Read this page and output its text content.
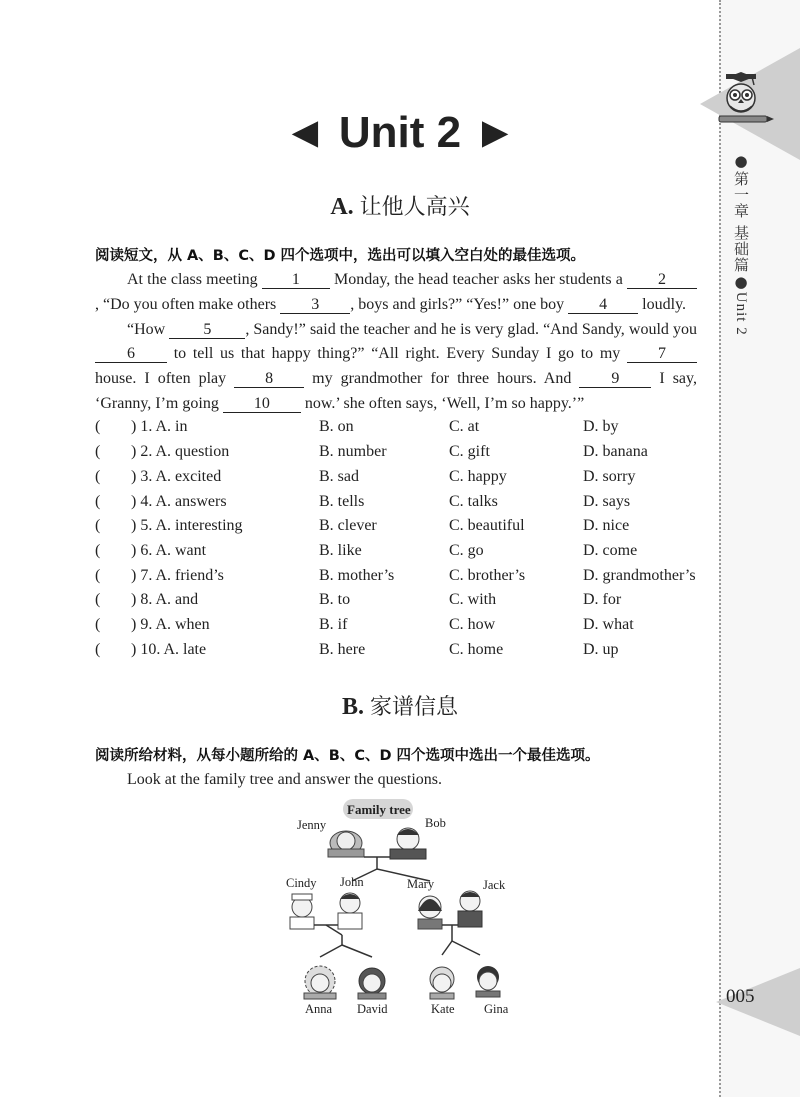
●第一章 基础篇●Unit 2
005
◄ Unit 2 ►
A. 让他人高兴
阅读短文，从 A、B、C、D 四个选项中，选出可以填入空白处的最佳选项。

At the class meeting 1 Monday, the head teacher asks her students a 2, “Do you often make others 3 , boys and girls?” “Yes!” one boy 4 loudly.

“How 5 , Sandy!” said the teacher and he is very glad. “And Sandy, would you 6 to tell us that happy thing?” “All right. Every Sunday I go to my 7 house. I often play 8 my grandmother for three hours. And 9 I say, ‘Granny, I’m going 10 now.’ she often says, ‘Well, I’m so happy.’”

( ) 1. A. in	B. on	C. at	D. by
( ) 2. A. question	B. number	C. gift	D. banana
( ) 3. A. excited	B. sad	C. happy	D. sorry
( ) 4. A. answers	B. tells	C. talks	D. says
( ) 5. A. interesting	B. clever	C. beautiful	D. nice
( ) 6. A. want	B. like	C. go	D. come
( ) 7. A. friend’s	B. mother’s	C. brother’s	D. grandmother’s
( ) 8. A. and	B. to	C. with	D. for
( ) 9. A. when	B. if	C. how	D. what
( ) 10. A. late	B. here	C. home	D. up
B. 家谱信息
阅读所给材料，从每小题所给的 A、B、C、D 四个选项中选出一个最佳选项。
Look at the family tree and answer the questions.
Family tree
Jenny	Bob
Cindy John	Mary	Jack
Anna David	Kate Gina
